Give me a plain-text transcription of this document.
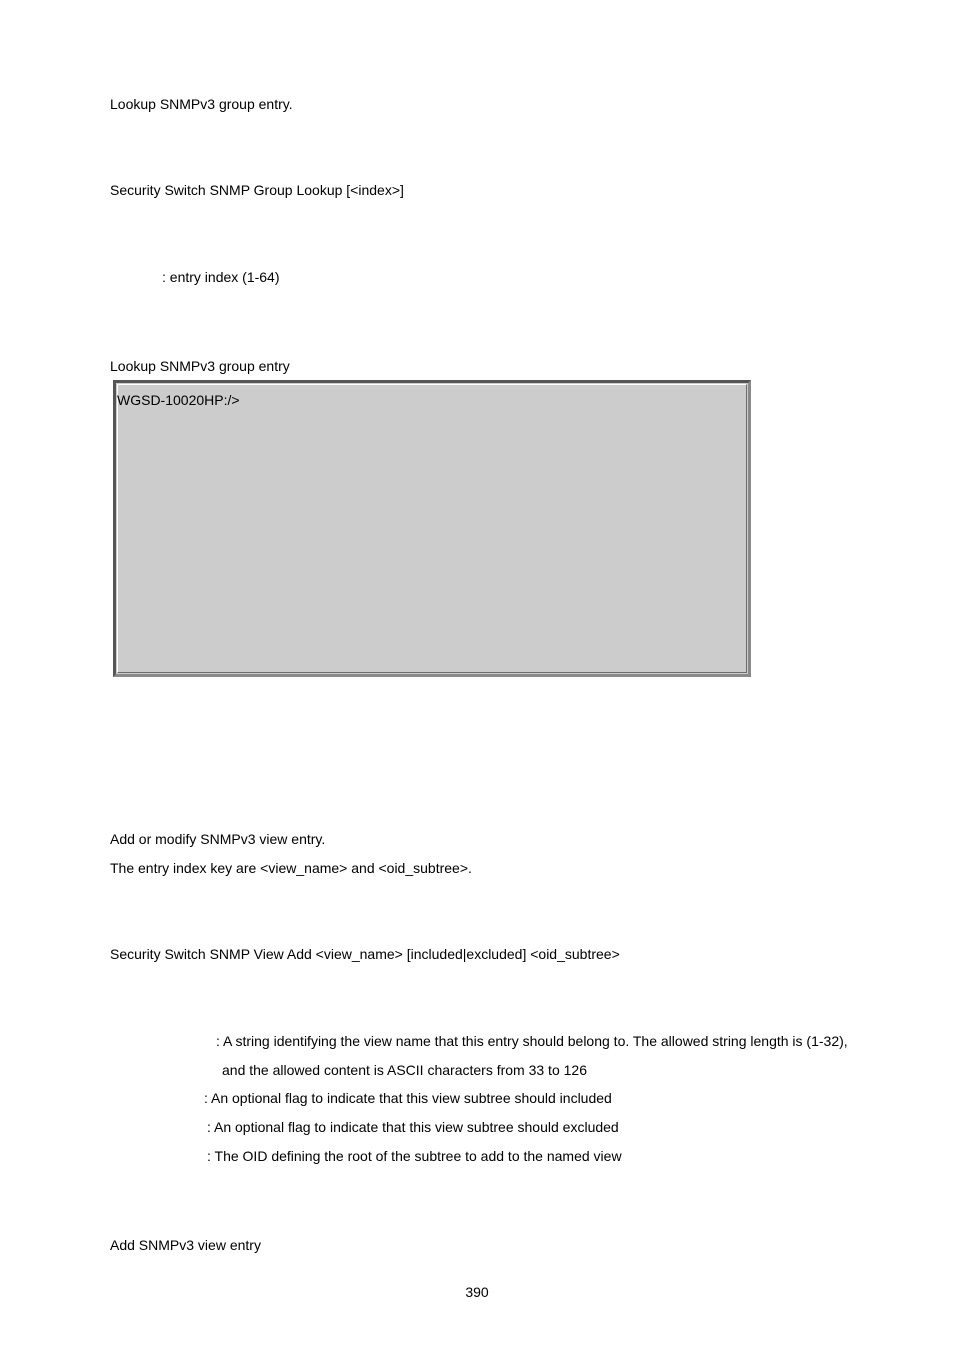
Lookup SNMPv3 group entry.
Security Switch SNMP Group Lookup [<index>]
: entry index (1-64)
Lookup SNMPv3 group entry
WGSD-10020HP:/>
Add or modify SNMPv3 view entry.
The entry index key are <view_name> and <oid_subtree>.
Security Switch SNMP View Add <view_name> [included|excluded] <oid_subtree>
: A string identifying the view name that this entry should belong to. The allowed string length is (1-32),
and the allowed content is ASCII characters from 33 to 126
: An optional flag to indicate that this view subtree should included
: An optional flag to indicate that this view subtree should excluded
: The OID defining the root of the subtree to add to the named view
Add SNMPv3 view entry
390
